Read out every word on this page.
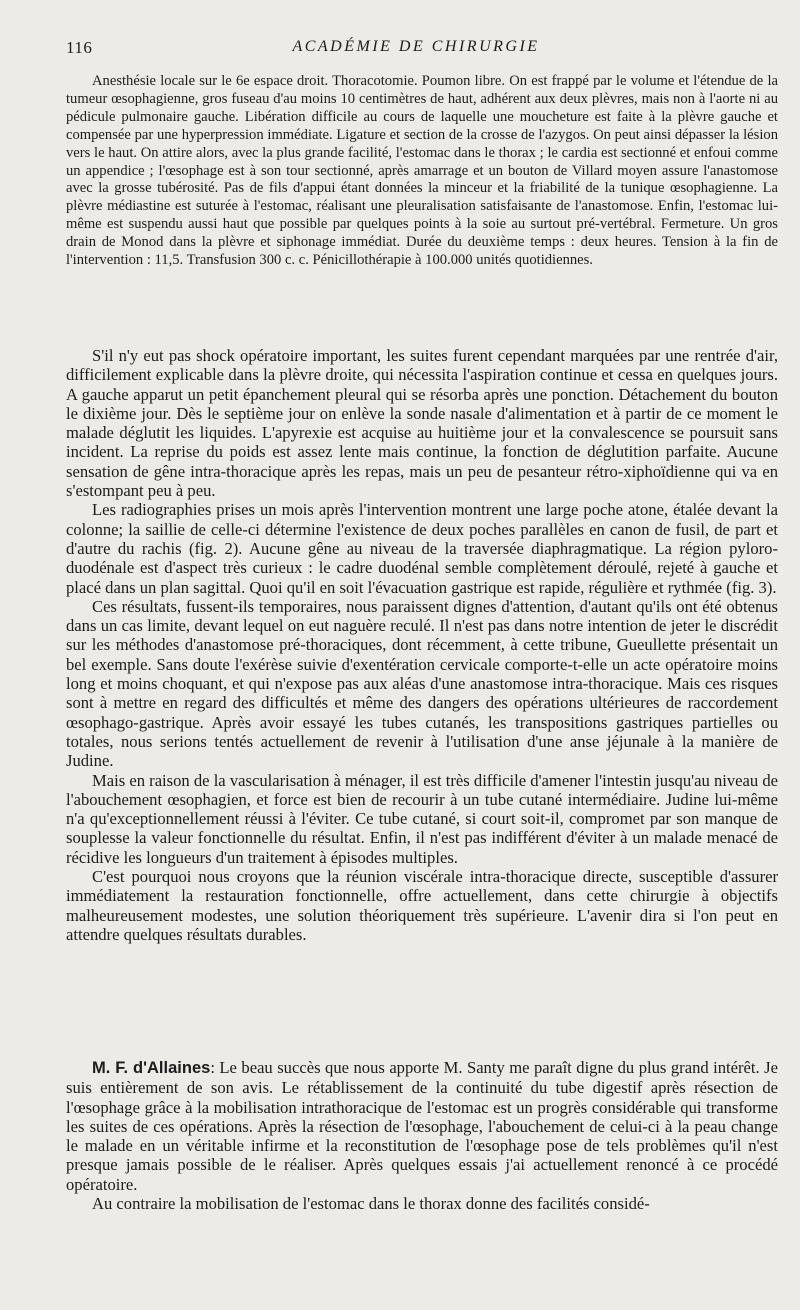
116	ACADÉMIE DE CHIRURGIE
Anesthésie locale sur le 6e espace droit. Thoracotomie. Poumon libre. On est frappé par le volume et l'étendue de la tumeur œsophagienne, gros fuseau d'au moins 10 centimètres de haut, adhérent aux deux plèvres, mais non à l'aorte ni au pédicule pulmonaire gauche. Libération difficile au cours de laquelle une moucheture est faite à la plèvre gauche et compensée par une hyperpression immédiate. Ligature et section de la crosse de l'azygos. On peut ainsi dépasser la lésion vers le haut. On attire alors, avec la plus grande facilité, l'estomac dans le thorax ; le cardia est sectionné et enfoui comme un appendice ; l'œsophage est à son tour sectionné, après amarrage et un bouton de Villard moyen assure l'anastomose avec la grosse tubérosité. Pas de fils d'appui étant données la minceur et la friabilité de la tunique œsophagienne. La plèvre médiastine est suturée à l'estomac, réalisant une pleuralisation satisfaisante de l'anastomose. Enfin, l'estomac lui-même est suspendu aussi haut que possible par quelques points à la soie au surtout pré-vertébral. Fermeture. Un gros drain de Monod dans la plèvre et siphonage immédiat. Durée du deuxième temps : deux heures. Tension à la fin de l'intervention : 11,5. Transfusion 300 c. c. Pénicillothérapie à 100.000 unités quotidiennes.

S'il n'y eut pas shock opératoire important, les suites furent cependant marquées par une rentrée d'air, difficilement explicable dans la plèvre droite, qui nécessita l'aspiration continue et cessa en quelques jours. A gauche apparut un petit épanchement pleural qui se résorba après une ponction. Détachement du bouton le dixième jour. Dès le septième jour on enlève la sonde nasale d'alimentation et à partir de ce moment le malade déglutit les liquides. L'apyrexie est acquise au huitième jour et la convalescence se poursuit sans incident. La reprise du poids est assez lente mais continue, la fonction de déglutition parfaite. Aucune sensation de gêne intra-thoracique après les repas, mais un peu de pesanteur rétro-xiphoïdienne qui va en s'estompant peu à peu.

Les radiographies prises un mois après l'intervention montrent une large poche atone, étalée devant la colonne; la saillie de celle-ci détermine l'existence de deux poches parallèles en canon de fusil, de part et d'autre du rachis (fig. 2). Aucune gêne au niveau de la traversée diaphragmatique. La région pyloro-duodénale est d'aspect très curieux : le cadre duodénal semble complètement déroulé, rejeté à gauche et placé dans un plan sagittal. Quoi qu'il en soit l'évacuation gastrique est rapide, régulière et rythmée (fig. 3).

Ces résultats, fussent-ils temporaires, nous paraissent dignes d'attention, d'autant qu'ils ont été obtenus dans un cas limite, devant lequel on eut naguère reculé. Il n'est pas dans notre intention de jeter le discrédit sur les méthodes d'anastomose pré-thoraciques, dont récemment, à cette tribune, Gueullette présentait un bel exemple. Sans doute l'exérèse suivie d'exentération cervicale comporte-t-elle un acte opératoire moins long et moins choquant, et qui n'expose pas aux aléas d'une anastomose intra-thoracique. Mais ces risques sont à mettre en regard des difficultés et même des dangers des opérations ultérieures de raccordement œsophago-gastrique. Après avoir essayé les tubes cutanés, les transpositions gastriques partielles ou totales, nous serions tentés actuellement de revenir à l'utilisation d'une anse jéjunale à la manière de Judine.

Mais en raison de la vascularisation à ménager, il est très difficile d'amener l'intestin jusqu'au niveau de l'abouchement œsophagien, et force est bien de recourir à un tube cutané intermédiaire. Judine lui-même n'a qu'exceptionnellement réussi à l'éviter. Ce tube cutané, si court soit-il, compromet par son manque de souplesse la valeur fonctionnelle du résultat. Enfin, il n'est pas indifférent d'éviter à un malade menacé de récidive les longueurs d'un traitement à épisodes multiples.

C'est pourquoi nous croyons que la réunion viscérale intra-thoracique directe, susceptible d'assurer immédiatement la restauration fonctionnelle, offre actuellement, dans cette chirurgie à objectifs malheureusement modestes, une solution théoriquement très supérieure. L'avenir dira si l'on peut en attendre quelques résultats durables.

M. F. d'Allaines: Le beau succès que nous apporte M. Santy me paraît digne du plus grand intérêt. Je suis entièrement de son avis. Le rétablissement de la continuité du tube digestif après résection de l'œsophage grâce à la mobilisation intrathoracique de l'estomac est un progrès considérable qui transforme les suites de ces opérations. Après la résection de l'œsophage, l'abouchement de celui-ci à la peau change le malade en un véritable infirme et la reconstitution de l'œsophage pose de tels problèmes qu'il n'est presque jamais possible de le réaliser. Après quelques essais j'ai actuellement renoncé à ce procédé opératoire.

Au contraire la mobilisation de l'estomac dans le thorax donne des facilités considé-
